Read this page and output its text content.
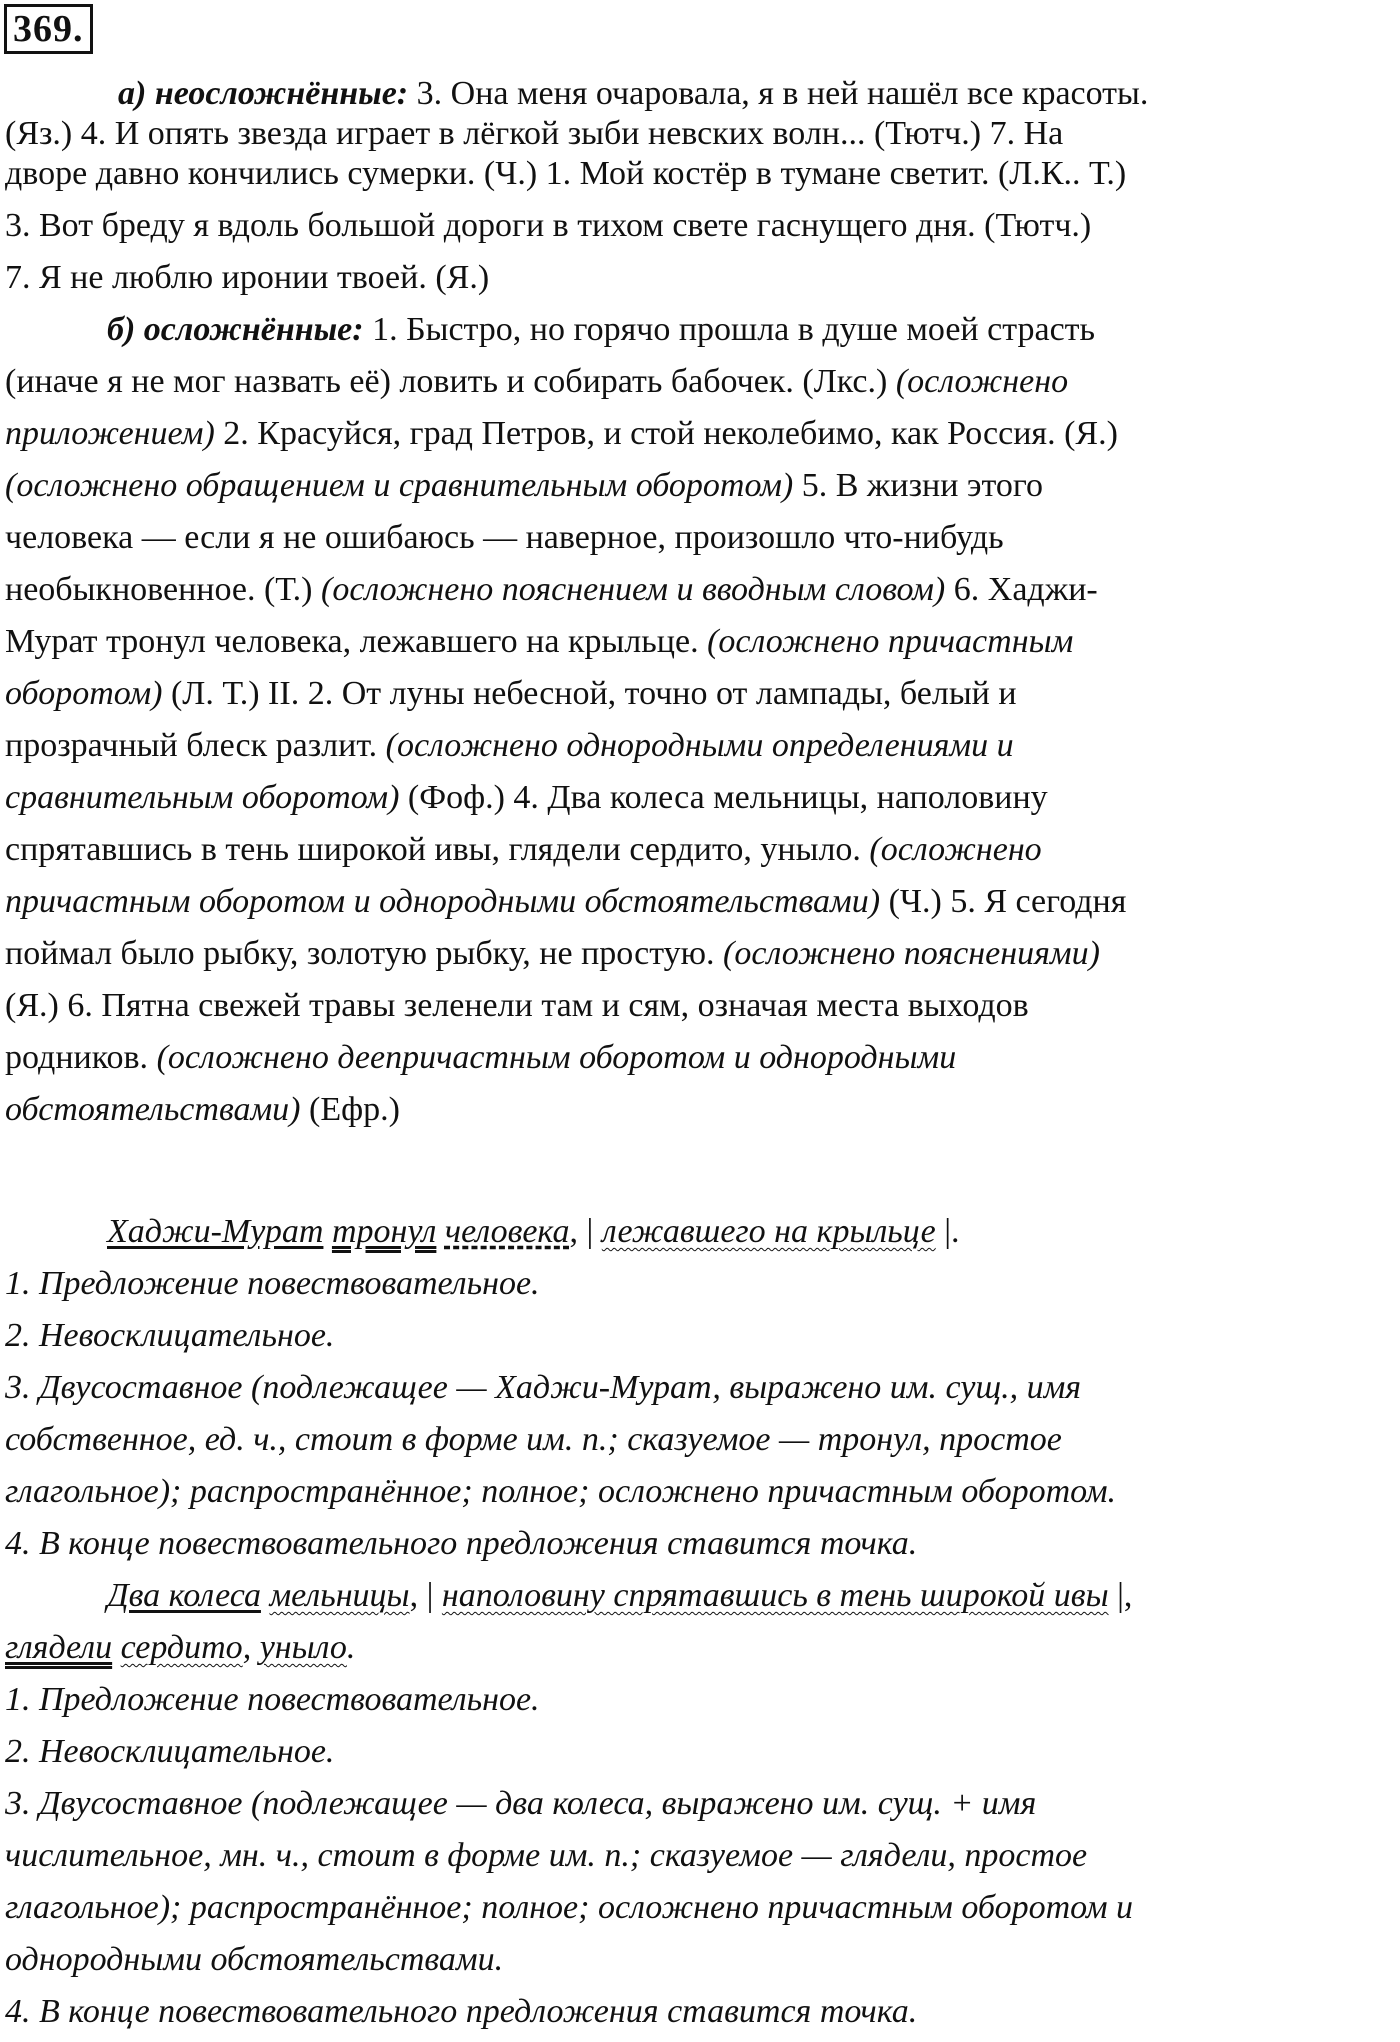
369.
а) неосложнённые: 3. Она меня очаровала, я в ней нашёл все красоты.
(Яз.) 4. И опять звезда играет в лёгкой зыби невских волн... (Тютч.) 7. На
дворе давно кончились сумерки. (Ч.) 1. Мой костёр в тумане светит. (Л.К.. Т.)
3. Вот бреду я вдоль большой дороги в тихом свете гаснущего дня. (Тютч.)
7. Я не люблю иронии твоей. (Я.)
б) осложнённые: 1. Быстро, но горячо прошла в душе моей страсть
(иначе я не мог назвать её) ловить и собирать бабочек. (Лкс.) (осложнено
приложением) 2. Красуйся, град Петров, и стой неколебимо, как Россия. (Я.)
(осложнено обращением и сравнительным оборотом) 5. В жизни этого
человека — если я не ошибаюсь — наверное, произошло что-нибудь
необыкновенное. (Т.) (осложнено пояснением и вводным словом) 6. Хаджи-
Мурат тронул человека, лежавшего на крыльце. (осложнено причастным
оборотом) (Л. Т.) II. 2. От луны небесной, точно от лампады, белый и
прозрачный блеск разлит. (осложнено однородными определениями и
сравнительным оборотом) (Фоф.) 4. Два колеса мельницы, наполовину
спрятавшись в тень широкой ивы, глядели сердито, уныло. (осложнено
причастным оборотом и однородными обстоятельствами) (Ч.) 5. Я сегодня
поймал было рыбку, золотую рыбку, не простую. (осложнено пояснениями)
(Я.) 6. Пятна свежей травы зеленели там и сям, означая места выходов
родников. (осложнено деепричастным оборотом и однородными
обстоятельствами) (Ефр.)
Хаджи-Мурат тронул человека, | лежавшего на крыльце |.
1. Предложение повествовательное.
2. Невосклицательное.
3. Двусоставное (подлежащее — Хаджи-Мурат, выражено им. сущ., имя
собственное, ед. ч., стоит в форме им. п.; сказуемое — тронул, простое
глагольное); распространённое; полное; осложнено причастным оборотом.
4. В конце повествовательного предложения ставится точка.
Два колеса мельницы, | наполовину спрятавшись в тень широкой ивы |,
глядели сердито, уныло.
1. Предложение повествовательное.
2. Невосклицательное.
3. Двусоставное (подлежащее — два колеса, выражено им. сущ. + имя
числительное, мн. ч., стоит в форме им. п.; сказуемое — глядели, простое
глагольное); распространённое; полное; осложнено причастным оборотом и
однородными обстоятельствами.
4. В конце повествовательного предложения ставится точка.
